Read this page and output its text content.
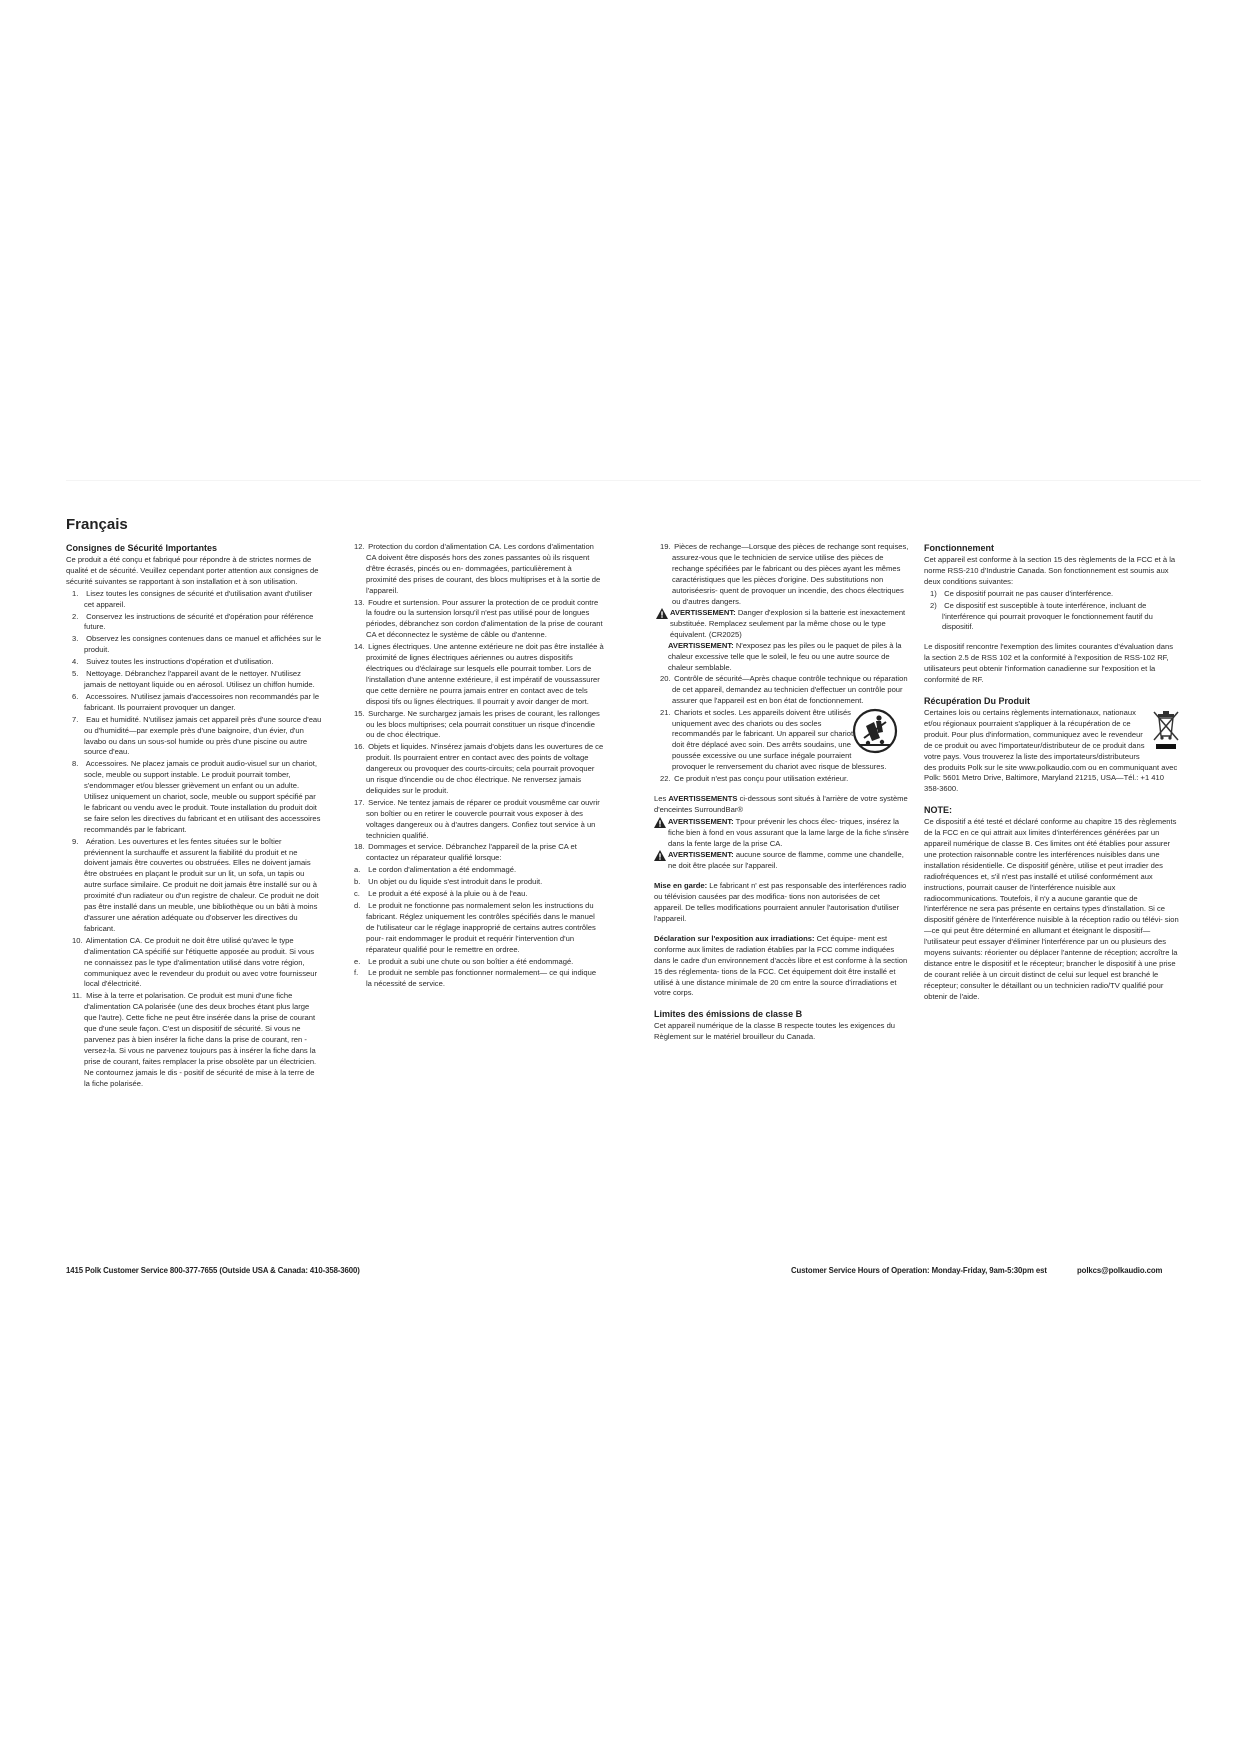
Français
Consignes de Sécurité Importantes

Ce produit a été conçu et fabriqué pour répondre à de strictes normes de qualité et de sécurité. Veuillez cependant porter attention aux consignes de sécurité suivantes se rapportant à son installation et à son utilisation.

1. Lisez toutes les consignes de sécurité et d'utilisation avant d'utiliser cet appareil.
2. Conservez les instructions de sécurité et d'opération pour référence future.
3. Observez les consignes contenues dans ce manuel et affichées sur le produit.
4. Suivez toutes les instructions d'opération et d'utilisation.
5. Nettoyage. Débranchez l'appareil avant de le nettoyer. N'utilisez jamais de nettoyant liquide ou en aérosol. Utilisez un chiffon humide.
6. Accessoires. N'utilisez jamais d'accessoires non recommandés par le fabricant. Ils pourraient provoquer un danger.
7. Eau et humidité. N'utilisez jamais cet appareil près d'une source d'eau ou d'humidité—par exemple près d'une baignoire, d'un évier, d'un lavabo ou dans un sous-sol humide ou près d'une piscine ou autre source d'eau.
8. Accessoires. Ne placez jamais ce produit audio-visuel sur un chariot, socle, meuble ou support instable. Le produit pourrait tomber, s'endommager et/ou blesser grièvement un enfant ou un adulte. Utilisez uniquement un chariot, socle, meuble ou support spécifié par le fabricant ou vendu avec le produit. Toute installation du produit doit se faire selon les directives du fabricant et en utilisant des accessoires recommandés par le fabricant.
9. Aération. Les ouvertures et les fentes situées sur le boîtier préviennent la surchauffe et assurent la fiabilité du produit et ne doivent jamais être couvertes ou obstruées. Elles ne doivent jamais être obstruées en plaçant le produit sur un lit, un sofa, un tapis ou autre surface similaire. Ce produit ne doit jamais être installé sur ou à proximité d'un radiateur ou d'un registre de chaleur. Ce produit ne doit pas être installé dans un meuble, une bibliothèque ou un bâti à moins d'assurer une aération adéquate ou d'observer les directives du fabricant.
10. Alimentation CA. Ce produit ne doit être utilisé qu'avec le type d'alimentation CA spécifié sur l'étiquette apposée au produit. Si vous ne connaissez pas le type d'alimentation utilisé dans votre région, communiquez avec le revendeur du produit ou avec votre fournisseur local d'électricité.
11. Mise à la terre et polarisation. Ce produit est muni d'une fiche d'alimentation CA polarisée (une des deux broches étant plus large que l'autre). Cette fiche ne peut être insérée dans la prise de courant que d'une seule façon. C'est un dispositif de sécurité. Si vous ne parvenez pas à bien insérer la fiche dans la prise de courant, ren - versez-la. Si vous ne parvenez toujours pas à insérer la fiche dans la prise de courant, faites remplacer la prise obsolète par un électricien. Ne contournez jamais le dis - positif de sécurité de mise à la terre de la fiche polarisée.
12. Protection du cordon d'alimentation CA. Les cordons d'alimentation CA doivent être disposés hors des zones passantes où ils risquent d'être écrasés, pincés ou en- dommagées, particulièrement à proximité des prises de courant, des blocs multiprises et à la sortie de l'appareil.
13. Foudre et surtension. Pour assurer la protection de ce produit contre la foudre ou la surtension lorsqu'il n'est pas utilisé pour de longues périodes, débranchez son cordon d'alimentation de la prise de courant CA et déconnectez le système de câble ou d'antenne.
14. Lignes électriques. Une antenne extérieure ne doit pas être installée à proximité de lignes électriques aériennes ou autres dispositifs électriques ou d'éclairage sur lesquels elle pourrait tomber. Lors de l'installation d'une antenne extérieure, il est impératif de voussassurer que cette dernière ne pourra jamais entrer en contact avec de tels disposi tifs ou lignes électriques. Il pourrait y avoir danger de mort.
15. Surcharge. Ne surchargez jamais les prises de courant, les rallonges ou les blocs multiprises; cela pourrait constituer un risque d'incendie ou de choc électrique.
16. Objets et liquides. N'insérez jamais d'objets dans les ouvertures de ce produit. Ils pourraient entrer en contact avec des points de voltage dangereux ou provoquer des courts-circuits; cela pourrait provoquer un risque d'incendie ou de choc électrique. Ne renversez jamais deliquides sur le produit.
17. Service. Ne tentez jamais de réparer ce produit vousmême car ouvrir son boîtier ou en retirer le couvercle pourrait vous exposer à des voltages dangereux ou à d'autres dangers. Confiez tout service à un technicien qualifié.
18. Dommages et service. Débranchez l'appareil de la prise CA et contactez un réparateur qualifié lorsque:
a. Le cordon d'alimentation a été endommagé.
b. Un objet ou du liquide s'est introduit dans le produit.
c. Le produit a été exposé à la pluie ou à de l'eau.
d. Le produit ne fonctionne pas normalement selon les instructions du fabricant. Réglez uniquement les contrôles spécifiés dans le manuel de l'utilisateur car le réglage inapproprié de certains autres contrôles pour- rait endommager le produit et requérir l'intervention d'un réparateur qualifié pour le remettre en ordree.
e. Le produit a subi une chute ou son boîtier a été endommagé.
f. Le produit ne semble pas fonctionner normalement— ce qui indique la nécessité de service.
19. Pièces de rechange—Lorsque des pièces de rechange sont requises, assurez-vous que le technicien de service utilise des pièces de rechange spécifiées par le fabricant ou des pièces ayant les mêmes caractéristiques que les pièces d'origine. Des substitutions non autoriséesris- quent de provoquer un incendie, des chocs électriques ou d'autres dangers.
AVERTISSEMENT: Danger d'explosion si la batterie est inexactement substituée. Remplacez seulement par la même chose ou le type équivalent. (CR2025)
AVERTISSEMENT: N'exposez pas les piles ou le paquet de piles à la chaleur excessive telle que le soleil, le feu ou une autre source de chaleur semblable.
20. Contrôle de sécurité—Après chaque contrôle technique ou réparation de cet appareil, demandez au technicien d'effectuer un contrôle pour assurer que l'appareil est en bon état de fonctionnement.
21. Chariots et socles. Les appareils doivent être utilisés uniquement avec des chariots ou des socles recommandés par le fabricant. Un appareil sur chariot doit être déplacé avec soin. Des arrêts soudains, une poussée excessive ou une surface inégale pourraient provoquer le renversement du chariot avec risque de blessures.
22. Ce produit n'est pas conçu pour utilisation extérieur.

Les AVERTISSEMENTS ci-dessous sont situés à l'arrière de votre système d'enceintes SurroundBar®

AVERTISSEMENT: Tpour prévenir les chocs élec- triques, insérez la fiche bien à fond en vous assurant que la lame large de la fiche s'insère dans la fente large de la prise CA.
AVERTISSEMENT: aucune source de flamme, comme une chandelle, ne doit être placée sur l'appareil.

Mise en garde: Le fabricant n' est pas responsable des interférences radio ou télévision causées par des modifica- tions non autorisées de cet appareil. De telles modifications pourraient annuler l'autorisation d'utiliser l'appareil.

Déclaration sur l'exposition aux irradiations: Cet équipe- ment est conforme aux limites de radiation établies par la FCC comme indiquées dans le cadre d'un environnement d'accès libre et est conforme à la section 15 des réglementa- tions de la FCC. Cet équipement doit être installé et utilisé à une distance minimale de 20 cm entre la source d'irradiations et votre corps.

Limites des émissions de classe B

Cet appareil numérique de la classe B respecte toutes les exigences du Règlement sur le matériel brouilleur du Canada.

Fonctionnement

Cet appareil est conforme à la section 15 des règlements de la FCC et à la norme RSS-210 d'Industrie Canada. Son fonctionnement est soumis aux deux conditions suivantes:

1) Ce dispositif pourrait ne pas causer d'interférence.
2) Ce dispositif est susceptible à toute interférence, incluant de l'interférence qui pourrait provoquer le fonctionnement fautif du dispositif.

Le dispositif rencontre l'exemption des limites courantes d'évaluation dans la section 2.5 de RSS 102 et la conformité à l'exposition de RSS-102 RF, utilisateurs peut obtenir l'information canadienne sur l'exposition et la conformité de RF.

Récupération Du Produit

Certaines lois ou certains règlements internationaux, nationaux et/ou régionaux pourraient s'appliquer à la récupération de ce produit. Pour plus d'information, communiquez avec le revendeur de ce produit ou avec l'importateur/distributeur de ce produit dans votre pays. Vous trouverez la liste des importateurs/distributeurs des produits Polk sur le site www.polkaudio.com ou en communiquant avec Polk: 5601 Metro Drive, Baltimore, Maryland 21215, USA—Tél.: +1 410 358-3600.

NOTE:

Ce dispositif a été testé et déclaré conforme au chapitre 15 des règlements de la FCC en ce qui attrait aux limites d'interférences générées par un appareil numérique de classe B. Ces limites ont été établies pour assurer une protection raisonnable contre les interférences nuisibles dans une installation résidentielle. Ce dispositif génère, utilise et peut irradier des radiofréquences et, s'il n'est pas installé et utilisé conformément aux instructions, pourrait causer de l'interférence nuisible aux radiocommunications. Toutefois, il n'y a aucune garantie que de l'interférence ne sera pas présente en certains types d'installation. Si ce dispositif génère de l'interférence nuisible à la réception radio ou télévi- sion—ce qui peut être déterminé en allumant et éteignant le dispositif—l'utilisateur peut essayer d'éliminer l'interférence par un ou plusieurs des moyens suivants: réorienter ou déplacer l'antenne de réception; accroître la distance entre le dispositif et le récepteur; brancher le dispositif à une prise de courant reliée à un circuit distinct de celui sur lequel est branché le récepteur; consulter le détaillant ou un technicien radio/TV qualifié pour obtenir de l'aide.

1415 Polk Customer Service 800-377-7655 (Outside USA & Canada: 410-358-3600)	Customer Service Hours of Operation: Monday-Friday, 9am-5:30pm est	polkcs@polkaudio.com
